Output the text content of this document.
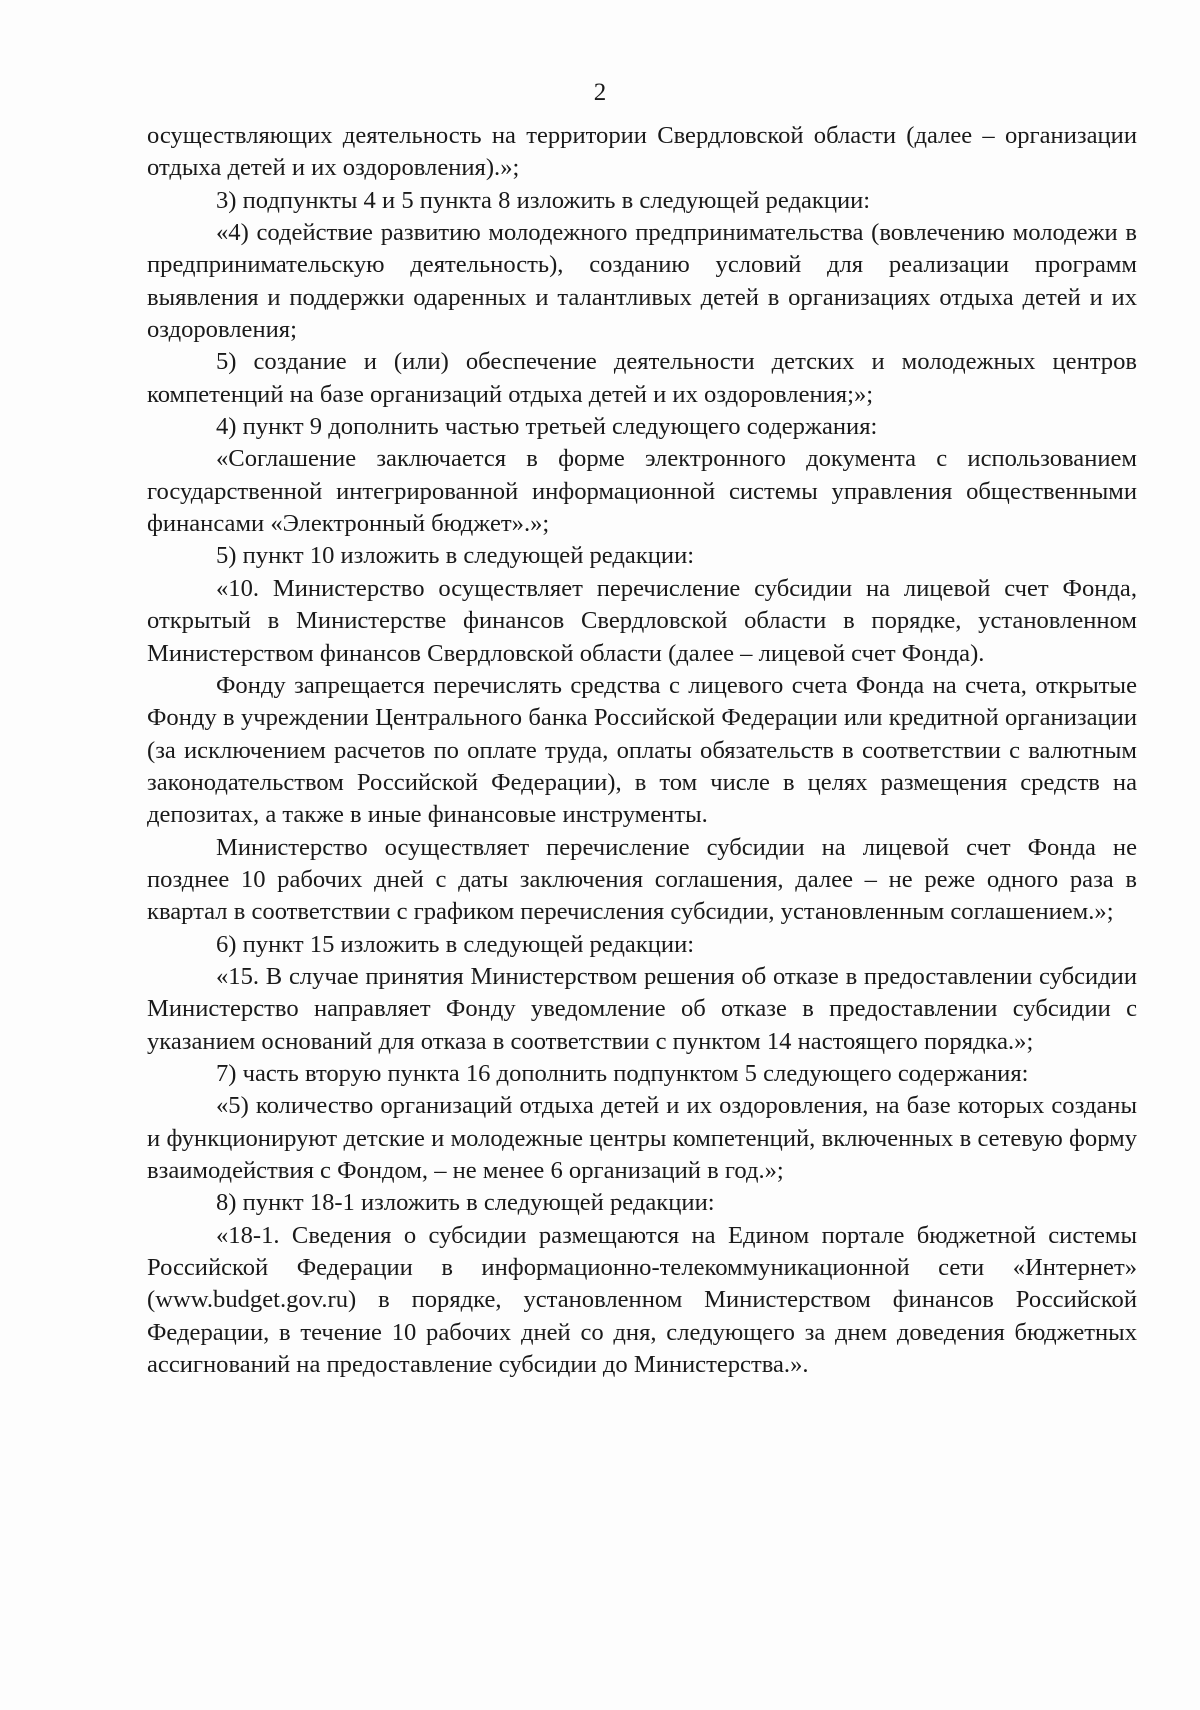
2

осуществляющих деятельность на территории Свердловской области (далее – организации отдыха детей и их оздоровления).»;

3) подпункты 4 и 5 пункта 8 изложить в следующей редакции:

«4) содействие развитию молодежного предпринимательства (вовлечению молодежи в предпринимательскую деятельность), созданию условий для реализации программ выявления и поддержки одаренных и талантливых детей в организациях отдыха детей и их оздоровления;

5) создание и (или) обеспечение деятельности детских и молодежных центров компетенций на базе организаций отдыха детей и их оздоровления;»;

4) пункт 9 дополнить частью третьей следующего содержания:

«Соглашение заключается в форме электронного документа с использованием государственной интегрированной информационной системы управления общественными финансами «Электронный бюджет».»;

5) пункт 10 изложить в следующей редакции:

«10. Министерство осуществляет перечисление субсидии на лицевой счет Фонда, открытый в Министерстве финансов Свердловской области в порядке, установленном Министерством финансов Свердловской области (далее – лицевой счет Фонда).

Фонду запрещается перечислять средства с лицевого счета Фонда на счета, открытые Фонду в учреждении Центрального банка Российской Федерации или кредитной организации (за исключением расчетов по оплате труда, оплаты обязательств в соответствии с валютным законодательством Российской Федерации), в том числе в целях размещения средств на депозитах, а также в иные финансовые инструменты.

Министерство осуществляет перечисление субсидии на лицевой счет Фонда не позднее 10 рабочих дней с даты заключения соглашения, далее – не реже одного раза в квартал в соответствии с графиком перечисления субсидии, установленным соглашением.»;

6) пункт 15 изложить в следующей редакции:

«15. В случае принятия Министерством решения об отказе в предоставлении субсидии Министерство направляет Фонду уведомление об отказе в предоставлении субсидии с указанием оснований для отказа в соответствии с пунктом 14 настоящего порядка.»;

7) часть вторую пункта 16 дополнить подпунктом 5 следующего содержания:

«5) количество организаций отдыха детей и их оздоровления, на базе которых созданы и функционируют детские и молодежные центры компетенций, включенных в сетевую форму взаимодействия с Фондом, – не менее 6 организаций в год.»;

8) пункт 18-1 изложить в следующей редакции:

«18-1. Сведения о субсидии размещаются на Едином портале бюджетной системы Российской Федерации в информационно-телекоммуникационной сети «Интернет» (www.budget.gov.ru) в порядке, установленном Министерством финансов Российской Федерации, в течение 10 рабочих дней со дня, следующего за днем доведения бюджетных ассигнований на предоставление субсидии до Министерства.».
